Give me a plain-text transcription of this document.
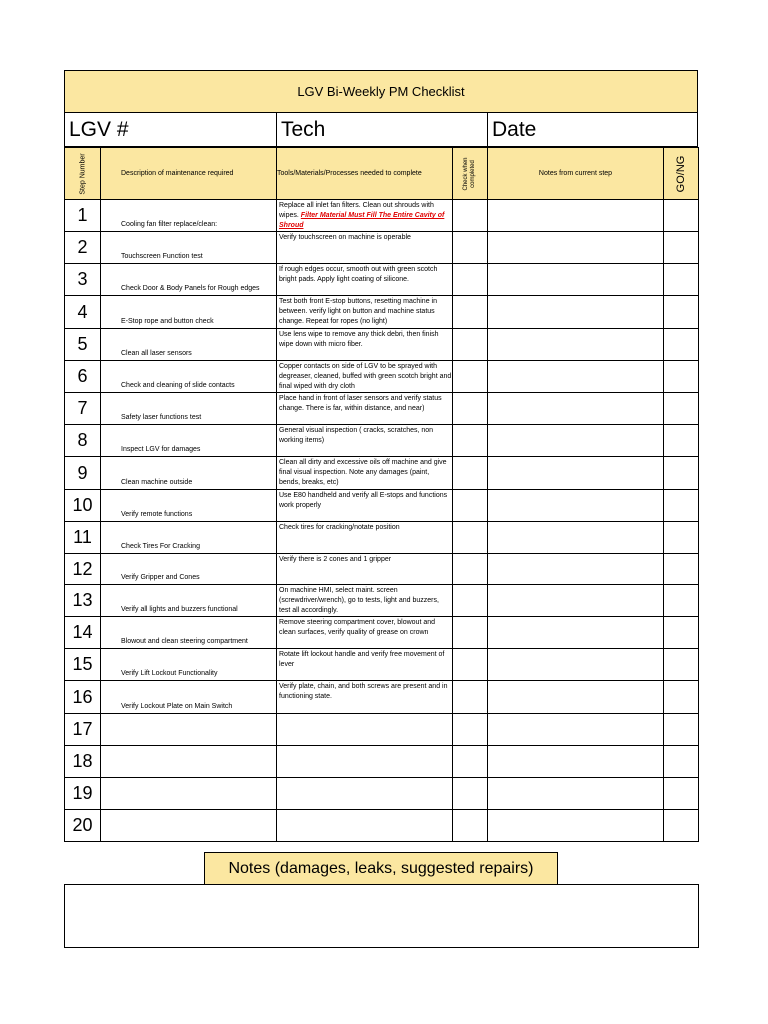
LGV Bi-Weekly PM Checklist
LGV #	Tech	Date
Step Number	Description of maintenance required	Tools/Materials/Processes needed to complete	Check when completed	Notes from current step	GO/NG

1	Cooling fan filter replace/clean:	Replace all inlet fan filters. Clean out shrouds with wipes. Filter Material Must Fill The Entire Cavity of Shroud			
2	Touchscreen Function test	Verify touchscreen on machine is operable			
3	Check Door & Body Panels for Rough edges	If rough edges occur, smooth out with green scotch bright pads. Apply light coating of silicone.			
4	E-Stop rope and button check	Test both front E-stop buttons, resetting machine in between. verify light on button and machine status change. Repeat for ropes (no light)			
5	Clean all laser sensors	Use lens wipe to remove any thick debri, then finish wipe down with micro fiber.			
6	Check and cleaning of slide contacts	Copper contacts on side of LGV to be sprayed with degreaser, cleaned, buffed with green scotch bright and final wiped with dry cloth			
7	Safety laser functions test	Place hand in front of laser sensors and verify status change. There is far, within distance, and near)			
8	Inspect LGV for damages	General visual inspection ( cracks, scratches, non working items)			
9	Clean machine outside	Clean all dirty and excessive oils off machine and give final visual inspection. Note any damages (paint, bends, breaks, etc)			
10	Verify remote functions	Use E80 handheld and verify all E-stops and functions work properly			
11	Check Tires For Cracking	Check tires for cracking/notate position			
12	Verify Gripper and Cones	Verify there is 2 cones and 1 gripper			
13	Verify all lights and buzzers functional	On machine HMI, select maint. screen (screwdriver/wrench), go to tests, light and buzzers, test all accordingly.			
14	Blowout and clean steering compartment	Remove steering compartment cover, blowout and clean surfaces, verify quality of grease on crown			
15	Verify Lift Lockout Functionality	Rotate lift lockout handle and verify free movement of lever			
16	Verify Lockout Plate on Main Switch	Verify plate, chain, and both screws are present and in functioning state.			
17					
18					
19					
20					
Notes (damages, leaks, suggested repairs)
